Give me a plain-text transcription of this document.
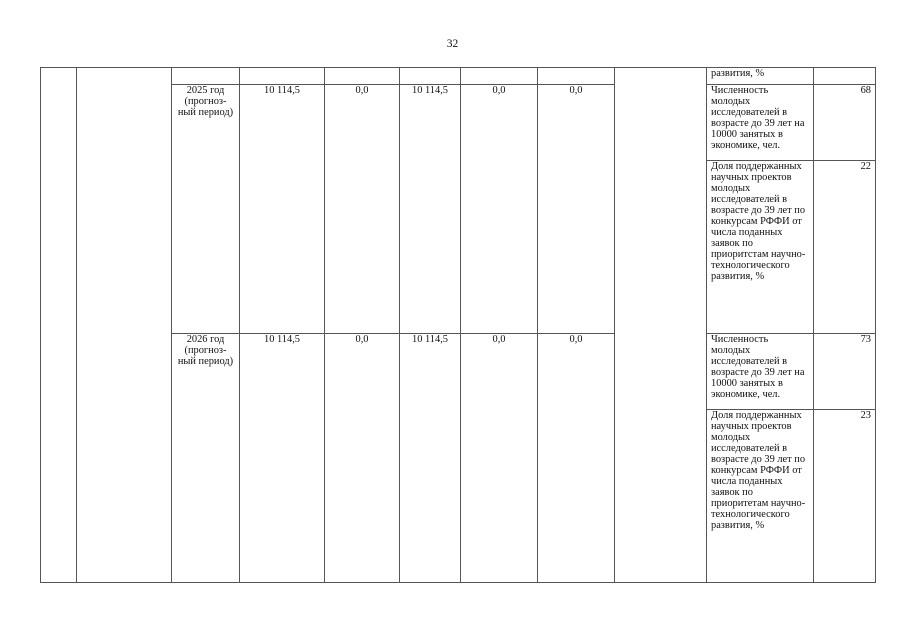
32
									развития, %	
		2025 год (прогноз-ный период)	10 114,5	0,0	10 114,5	0,0	0,0		Численность молодых исследователей в возрасте до 39 лет на 10000 занятых в экономике, чел.	68
									Доля поддержанных научных проектов молодых исследователей в возрасте до 39 лет по конкурсам РФФИ от числа поданных заявок по приоритстам научно-технологического развития, %	22
		2026 год (прогноз-ный период)	10 114,5	0,0	10 114,5	0,0	0,0		Численность молодых исследователей в возрасте до 39 лет на 10000 занятых в экономике, чел.	73
									Доля поддержанных научных проектов молодых исследователей в возрасте до 39 лет по конкурсам РФФИ от числа поданных заявок по приоритетам научно-технологического развития, %	23
